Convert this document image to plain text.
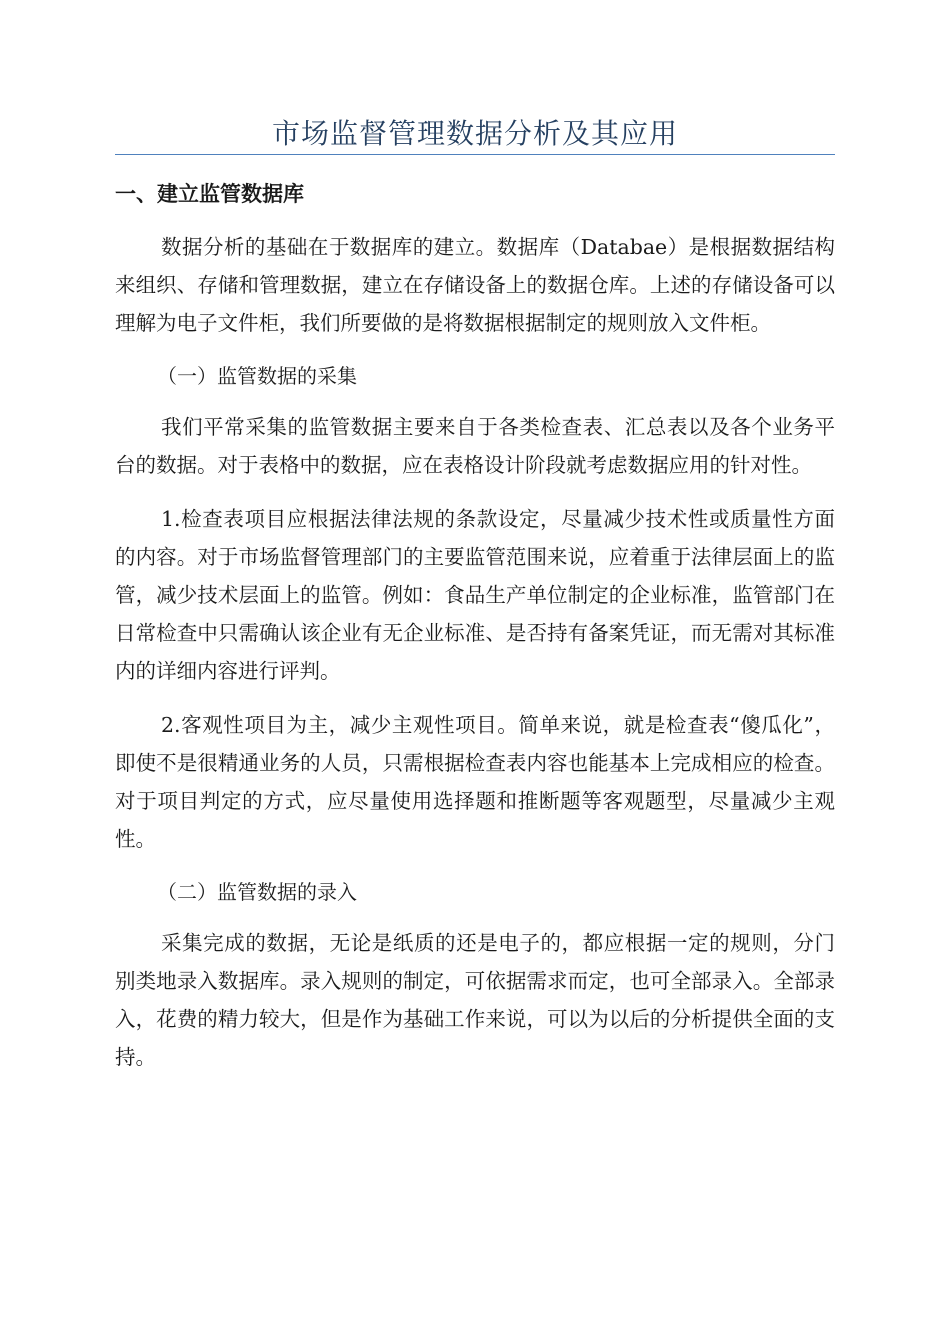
市场监督管理数据分析及其应用
一、建立监管数据库
数据分析的基础在于数据库的建立。数据库（Databae）是根据数据结构来组织、存储和管理数据，建立在存储设备上的数据仓库。上述的存储设备可以理解为电子文件柜，我们所要做的是将数据根据制定的规则放入文件柜。
（一）监管数据的采集
我们平常采集的监管数据主要来自于各类检查表、汇总表以及各个业务平台的数据。对于表格中的数据，应在表格设计阶段就考虑数据应用的针对性。
1.检查表项目应根据法律法规的条款设定，尽量减少技术性或质量性方面的内容。对于市场监督管理部门的主要监管范围来说，应着重于法律层面上的监管，减少技术层面上的监管。例如：食品生产单位制定的企业标准，监管部门在日常检查中只需确认该企业有无企业标准、是否持有备案凭证，而无需对其标准内的详细内容进行评判。
2.客观性项目为主，减少主观性项目。简单来说，就是检查表“傻瓜化”，即使不是很精通业务的人员，只需根据检查表内容也能基本上完成相应的检查。对于项目判定的方式，应尽量使用选择题和推断题等客观题型，尽量减少主观性。
（二）监管数据的录入
采集完成的数据，无论是纸质的还是电子的，都应根据一定的规则，分门别类地录入数据库。录入规则的制定，可依据需求而定，也可全部录入。全部录入，花费的精力较大，但是作为基础工作来说，可以为以后的分析提供全面的支持。
